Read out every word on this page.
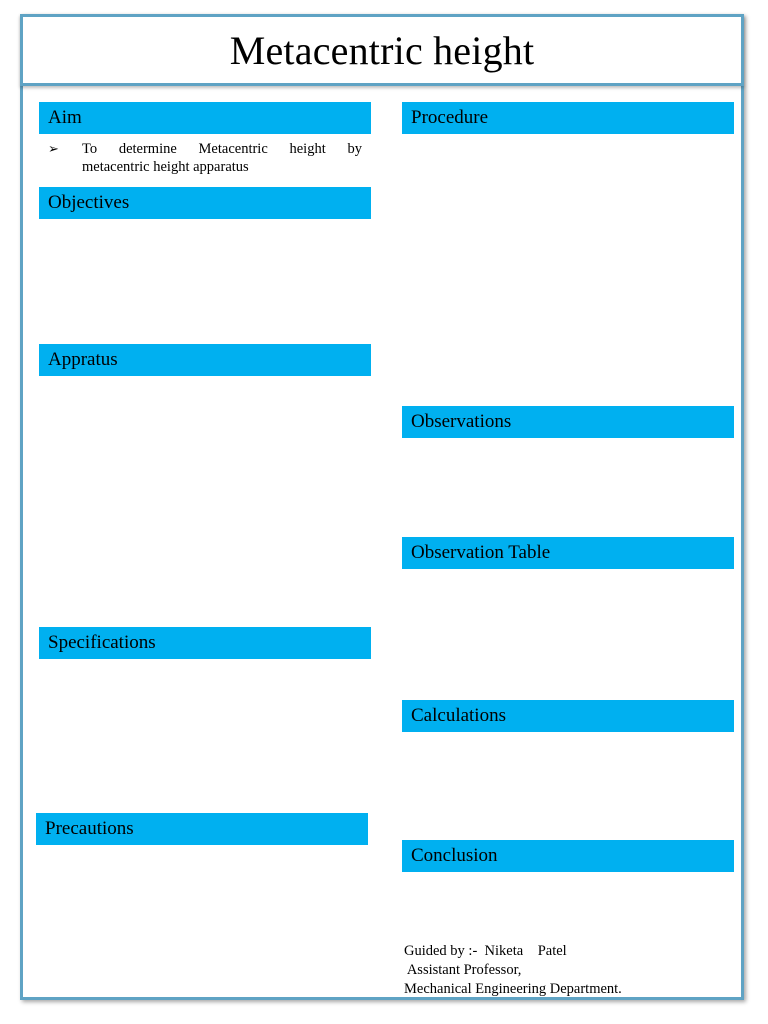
Metacentric height
Aim
➢ To determine Metacentric height by
metacentric height apparatus
Objectives
Appratus
Specifications
Precautions
Procedure
Observations
Observation Table
Calculations
Conclusion
Guided by :-  Niketa    Patel
Assistant Professor,
Mechanical Engineering Department.
